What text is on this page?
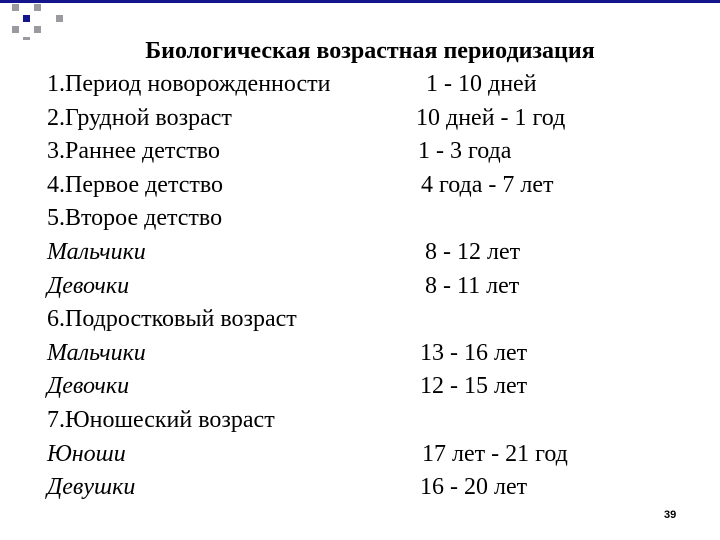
Биологическая возрастная периодизация
1.Период новорожденности	1 - 10 дней
2.Грудной возраст	10 дней - 1 год
3.Раннее детство	1 - 3 года
4.Первое детство	4 года - 7 лет
5.Второе детство
Мальчики	8 - 12 лет
Девочки	8 - 11 лет
6.Подростковый возраст
Мальчики	13 - 16 лет
Девочки	12 - 15 лет
7.Юношеский возраст
Юноши	17 лет - 21 год
Девушки	16 - 20 лет
39
